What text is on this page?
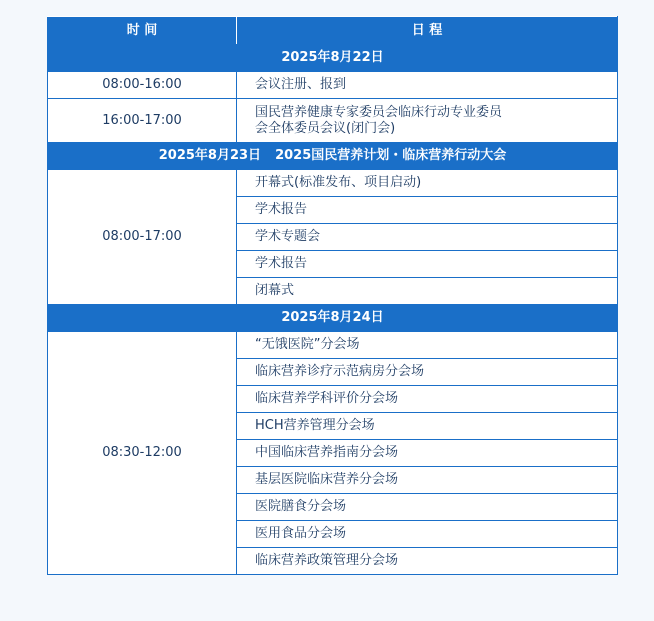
时 间	日 程
2025年8月22日	
08:00-16:00	会议注册、报到

16:00-17:00	国民营养健康专家委员会临床行动专业委员
会全体委员会议(闭门会)

2025年8月23日 2025国民营养计划・临床营养行动大会	
08:00-17:00	开幕式(标准发布、项目启动)

	学术报告

	学术专题会

	学术报告

	闭幕式

2025年8月24日	
08:30-12:00	“无饿医院”分会场

	临床营养诊疗示范病房分会场

	临床营养学科评价分会场

	HCH营养管理分会场

	中国临床营养指南分会场

	基层医院临床营养分会场

	医院膳食分会场

	医用食品分会场

	临床营养政策管理分会场
